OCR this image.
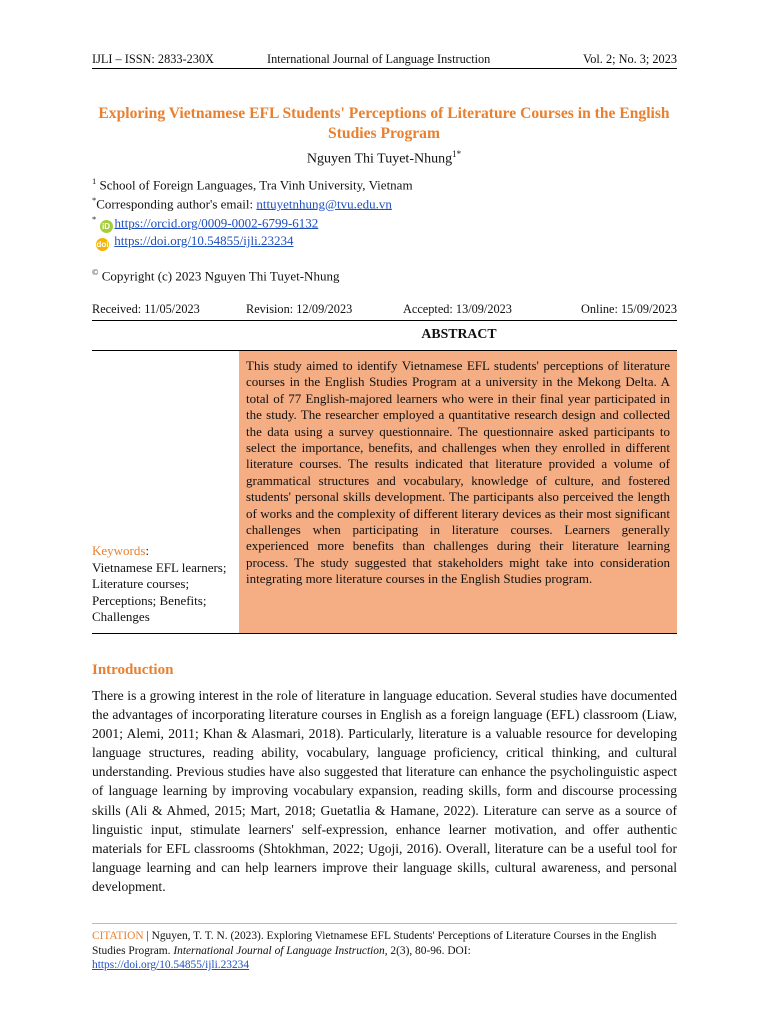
IJLI – ISSN: 2833-230X	International Journal of Language Instruction	Vol. 2; No. 3; 2023
Exploring Vietnamese EFL Students' Perceptions of Literature Courses in the English Studies Program
Nguyen Thi Tuyet-Nhung$^{1*}$
$^1$ School of Foreign Languages, Tra Vinh University, Vietnam
*Corresponding author's email: nttuyetnhung@tvu.edu.vn
* iD https://orcid.org/0009-0002-6799-6132
doi https://doi.org/10.54855/ijli.23234
© Copyright (c) 2023 Nguyen Thi Tuyet-Nhung
Received: 11/05/2023	Revision: 12/09/2023	Accepted: 13/09/2023	Online: 15/09/2023
ABSTRACT
This study aimed to identify Vietnamese EFL students' perceptions of literature courses in the English Studies Program at a university in the Mekong Delta. A total of 77 English-majored learners who were in their final year participated in the study. The researcher employed a quantitative research design and collected the data using a survey questionnaire. The questionnaire asked participants to select the importance, benefits, and challenges when they enrolled in different literature courses. The results indicated that literature provided a volume of grammatical structures and vocabulary, knowledge of culture, and fostered students' personal skills development. The participants also perceived the length of works and the complexity of different literary devices as their most significant challenges when participating in literature courses. Learners generally experienced more benefits than challenges during their literature learning process. The study suggested that stakeholders might take into consideration integrating more literature courses in the English Studies program.
Keywords:
Vietnamese EFL learners; Literature courses; Perceptions; Benefits; Challenges
Introduction
There is a growing interest in the role of literature in language education. Several studies have documented the advantages of incorporating literature courses in English as a foreign language (EFL) classroom (Liaw, 2001; Alemi, 2011; Khan & Alasmari, 2018). Particularly, literature is a valuable resource for developing language structures, reading ability, vocabulary, language proficiency, critical thinking, and cultural understanding. Previous studies have also suggested that literature can enhance the psycholinguistic aspect of language learning by improving vocabulary expansion, reading skills, form and discourse processing skills (Ali & Ahmed, 2015; Mart, 2018; Guetatlia & Hamane, 2022). Literature can serve as a source of linguistic input, stimulate learners' self-expression, enhance learner motivation, and offer authentic materials for EFL classrooms (Shtokhman, 2022; Ugoji, 2016). Overall, literature can be a useful tool for language learning and can help learners improve their language skills, cultural awareness, and personal development.
CITATION | Nguyen, T. T. N. (2023). Exploring Vietnamese EFL Students' Perceptions of Literature Courses in the English Studies Program. International Journal of Language Instruction, 2(3), 80-96. DOI:
https://doi.org/10.54855/ijli.23234
